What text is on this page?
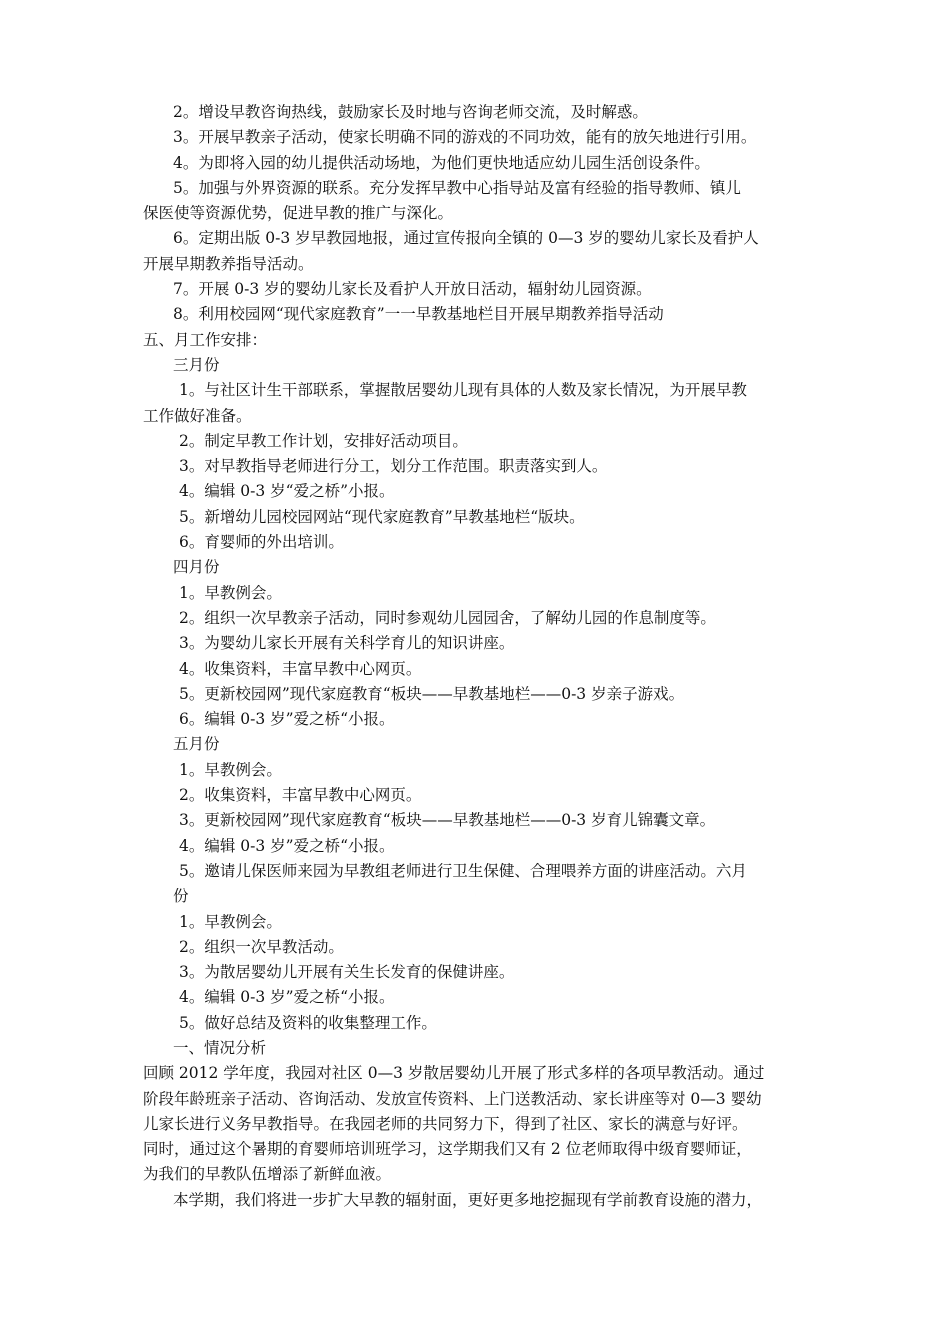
2。增设早教咨询热线，鼓励家长及时地与咨询老师交流，及时解惑。
3。开展早教亲子活动，使家长明确不同的游戏的不同功效，能有的放矢地进行引用。
4。为即将入园的幼儿提供活动场地，为他们更快地适应幼儿园生活创设条件。
5。加强与外界资源的联系。充分发挥早教中心指导站及富有经验的指导教师、镇儿
保医使等资源优势，促进早教的推广与深化。
6。定期出版 0-3 岁早教园地报，通过宣传报向全镇的 0—3 岁的婴幼儿家长及看护人
开展早期教养指导活动。
7。开展 0-3 岁的婴幼儿家长及看护人开放日活动，辐射幼儿园资源。
8。利用校园网“现代家庭教育”一一早教基地栏目开展早期教养指导活动
五、月工作安排：
三月份
1。与社区计生干部联系，掌握散居婴幼儿现有具体的人数及家长情况，为开展早教
工作做好准备。
2。制定早教工作计划，安排好活动项目。
3。对早教指导老师进行分工，划分工作范围。职责落实到人。
4。编辑 0-3 岁“爱之桥”小报。
5。新增幼儿园校园网站“现代家庭教育”早教基地栏“版块。
6。育婴师的外出培训。
四月份
1。早教例会。
2。组织一次早教亲子活动，同时参观幼儿园园舍，了解幼儿园的作息制度等。
3。为婴幼儿家长开展有关科学育儿的知识讲座。
4。收集资料，丰富早教中心网页。
5。更新校园网”现代家庭教育“板块——早教基地栏——0-3 岁亲子游戏。
6。编辑 0-3 岁”爱之桥“小报。
五月份
1。早教例会。
2。收集资料，丰富早教中心网页。
3。更新校园网”现代家庭教育“板块——早教基地栏——0-3 岁育儿锦囊文章。
4。编辑 0-3 岁”爱之桥“小报。
5。邀请儿保医师来园为早教组老师进行卫生保健、合理喂养方面的讲座活动。六月
份
1。早教例会。
2。组织一次早教活动。
3。为散居婴幼儿开展有关生长发育的保健讲座。
4。编辑 0-3 岁”爱之桥“小报。
5。做好总结及资料的收集整理工作。
一、情况分析
回顾 2012 学年度，我园对社区 0—3 岁散居婴幼儿开展了形式多样的各项早教活动。通过
阶段年龄班亲子活动、咨询活动、发放宣传资料、上门送教活动、家长讲座等对 0—3 婴幼
儿家长进行义务早教指导。在我园老师的共同努力下，得到了社区、家长的满意与好评。
同时，通过这个暑期的育婴师培训班学习，这学期我们又有 2 位老师取得中级育婴师证，
为我们的早教队伍增添了新鲜血液。
本学期，我们将进一步扩大早教的辐射面，更好更多地挖掘现有学前教育设施的潜力，
